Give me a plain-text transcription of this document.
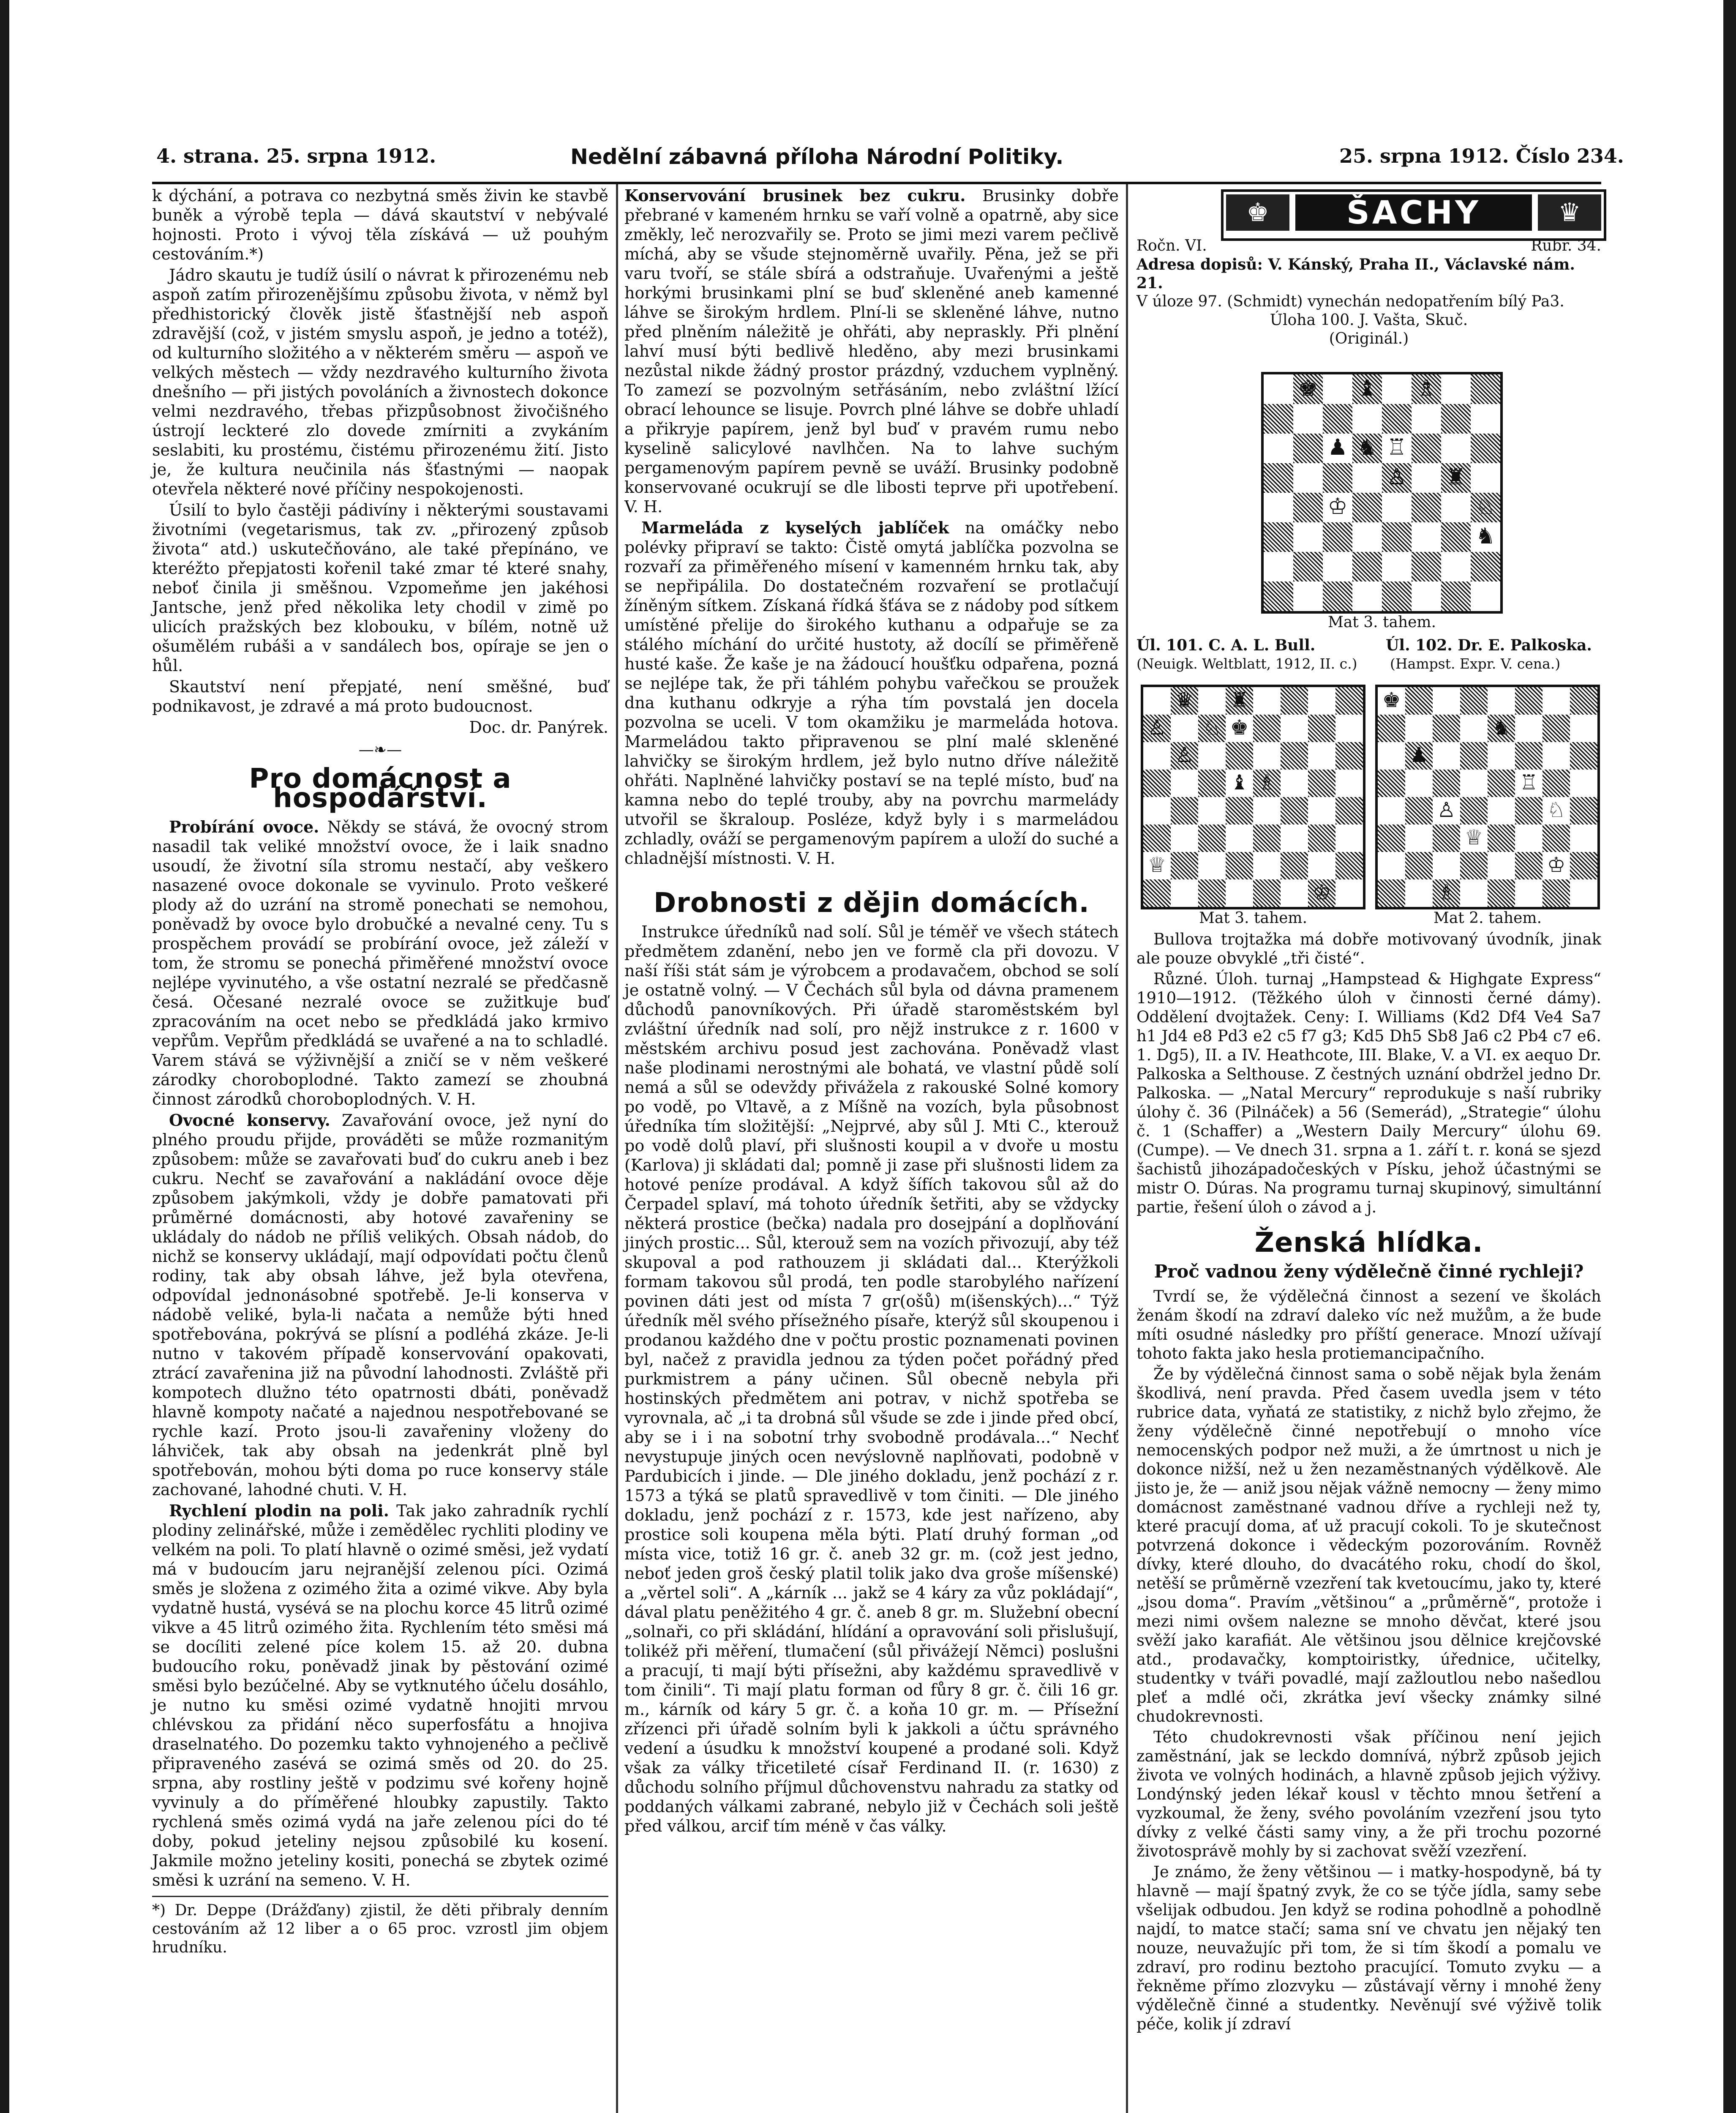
4. strana. 25. srpna 1912.	Nedělní zábavná příloha Národní Politiky.	25. srpna 1912. Číslo 234.

k dýchání, a potrava co nezbytná směs živin ke stavbě buněk a výrobě tepla — dává skautství v nebývalé hojnosti. Proto i vývoj těla získává — už pouhým cestováním.*)

Jádro skautu je tudíž úsilí o návrat k přirozenému neb aspoň zatím přirozenějšímu způsobu života, v němž byl předhistorický člověk jistě šťastnější neb aspoň zdravější (což, v jistém smyslu aspoň, je jedno a totéž), od kulturního složitého a v některém směru — aspoň ve velkých městech — vždy nezdravého kulturního života dnešního — při jistých povoláních a živnostech dokonce velmi nezdravého, třebas přizpůsobnost živočišného ústrojí leckteré zlo dovede zmírniti a zvykáním seslabiti, ku prostému, čistému přirozenému žití. Jisto je, že kultura neučinila nás šťastnými — naopak otevřela některé nové příčiny nespokojenosti.

Úsilí to bylo častěji pádivíny i některými soustavami životními (vegetarismus, tak zv. „přirozený způsob života“ atd.) uskutečňováno, ale také přepínáno, ve kteréžto přepjatosti kořenil také zmar té které snahy, neboť činila ji směšnou. Vzpomeňme jen jakéhosi Jantsche, jenž před několika lety chodil v zimě po ulicích pražských bez klobouku, v bílém, notně už ošumělém rubáši a v sandálech bos, opíraje se jen o hůl.

Skautství není přepjaté, není směšné, buď podnikavost, je zdravé a má proto budoucnost.

Doc. dr. Panýrek.
—❧—
Pro domácnost a hospodářství.

Probírání ovoce. Někdy se stává, že ovocný strom nasadil tak veliké množství ovoce, že i laik snadno usoudí, že životní síla stromu nestačí, aby veškero nasazené ovoce dokonale se vyvinulo. Proto veškeré plody až do uzrání na stromě ponechati se nemohou, poněvadž by ovoce bylo drobučké a nevalné ceny. Tu s prospěchem provádí se probírání ovoce, jež záleží v tom, že stromu se ponechá přiměřené množství ovoce nejlépe vyvinutého, a vše ostatní nezralé se předčasně česá. Očesané nezralé ovoce se zužitkuje buď zpracováním na ocet nebo se předkládá jako krmivo vepřům. Vepřům předkládá se uvařené a na to schladlé. Varem stává se výživnější a zničí se v něm veškeré zárodky choroboplodné. Takto zamezí se zhoubná činnost zárodků choroboplodných. V. H.

Ovocné konservy. Zavařování ovoce, jež nyní do plného proudu přijde, prováděti se může rozmanitým způsobem: může se zavařovati buď do cukru aneb i bez cukru. Nechť se zavařování a nakládání ovoce děje způsobem jakýmkoli, vždy je dobře pamatovati při průměrné domácnosti, aby hotové zavařeniny se ukládaly do nádob ne příliš velikých. Obsah nádob, do nichž se konservy ukládají, mají odpovídati počtu členů rodiny, tak aby obsah láhve, jež byla otevřena, odpovídal jednonásobné spotřebě. Je-li konserva v nádobě veliké, byla-li načata a nemůže býti hned spotřebována, pokrývá se plísní a podléhá zkáze. Je-li nutno v takovém případě konservování opakovati, ztrácí zavařenina již na původní lahodnosti. Zvláště při kompotech dlužno této opatrnosti dbáti, poněvadž hlavně kompoty načaté a najednou nespotřebované se rychle kazí. Proto jsou-li zavařeniny vloženy do láhviček, tak aby obsah na jedenkrát plně byl spotřebován, mohou býti doma po ruce konservy stále zachované, lahodné chuti. V. H.

Rychlení plodin na poli. Tak jako zahradník rychlí plodiny zelinářské, může i zemědělec rychliti plodiny ve velkém na poli. To platí hlavně o ozimé směsi, jež vydatí má v budoucím jaru nejranější zelenou píci. Ozimá směs je složena z ozimého žita a ozimé vikve. Aby byla vydatně hustá, vysévá se na plochu korce 45 litrů ozimé vikve a 45 litrů ozimého žita. Rychlením této směsi má se docíliti zelené píce kolem 15. až 20. dubna budoucího roku, poněvadž jinak by pěstování ozimé směsi bylo bezúčelné. Aby se vytknutého účelu dosáhlo, je nutno ku směsi ozimé vydatně hnojiti mrvou chlévskou za přidání něco superfosfátu a hnojiva draselnatého. Do pozemku takto vyhnojeného a pečlivě připraveného zasévá se ozimá směs od 20. do 25. srpna, aby rostliny ještě v podzimu své kořeny hojně vyvinuly a do příměřené hloubky zapustily. Takto rychlená směs ozimá vydá na jaře zelenou píci do té doby, pokud jeteliny nejsou způsobilé ku kosení. Jakmile možno jeteliny kositi, ponechá se zbytek ozimé směsi k uzrání na semeno. V. H.

*) Dr. Deppe (Drážďany) zjistil, že děti přibraly denním cestováním až 12 liber a o 65 proc. vzrostl jim objem hrudníku.

Konservování brusinek bez cukru. Brusinky dobře přebrané v kameném hrnku se vaří volně a opatrně, aby sice změkly, leč nerozvařily se. Proto se jimi mezi varem pečlivě míchá, aby se všude stejnoměrně uvařily. Pěna, jež se při varu tvoří, se stále sbírá a odstraňuje. Uvařenými a ještě horkými brusinkami plní se buď skleněné aneb kamenné láhve se širokým hrdlem. Plní-li se skleněné láhve, nutno před plněním náležitě je ohřáti, aby nepraskly. Při plnění lahví musí býti bedlivě hleděno, aby mezi brusinkami nezůstal nikde žádný prostor prázdný, vzduchem vyplněný. To zamezí se pozvolným setřásáním, nebo zvláštní lžící obrací lehounce se lisuje. Povrch plné láhve se dobře uhladí a přikryje papírem, jenž byl buď v pravém rumu nebo kyselině salicylové navlhčen. Na to lahve suchým pergamenovým papírem pevně se uváží. Brusinky podobně konservované ocukrují se dle libosti teprve při upotřebení. V. H.

Marmeláda z kyselých jablíček na omáčky nebo polévky připraví se takto: Čistě omytá jablíčka pozvolna se rozvaří za přiměřeného mísení v kamenném hrnku tak, aby se nepřipálila. Do dostatečném rozvaření se protlačují žíněným sítkem. Získaná řídká šťáva se z nádoby pod sítkem umístěné přelije do širokého kuthanu a odpařuje se za stálého míchání do určité hustoty, až docílí se přiměřeně husté kaše. Že kaše je na žádoucí houšťku odpařena, pozná se nejlépe tak, že při táhlém pohybu vařečkou se proužek dna kuthanu odkryje a rýha tím povstalá jen docela pozvolna se uceli. V tom okamžiku je marmeláda hotova. Marmeládou takto připravenou se plní malé skleněné lahvičky se širokým hrdlem, jež bylo nutno dříve náležitě ohřáti. Naplněné lahvičky postaví se na teplé místo, buď na kamna nebo do teplé trouby, aby na povrchu marmelády utvořil se škraloup. Posléze, když byly i s marmeládou zchladly, ováží se pergamenovým papírem a uloží do suché a chladnější místnosti. V. H.

Drobnosti z dějin domácích.

Instrukce úředníků nad solí. Sůl je téměř ve všech státech předmětem zdanění, nebo jen ve formě cla při dovozu. V naší říši stát sám je výrobcem a prodavačem, obchod se solí je ostatně volný. — V Čechách sůl byla od dávna pramenem důchodů panovníkových. Při úřadě staroměstském byl zvláštní úředník nad solí, pro nějž instrukce z r. 1600 v městském archivu posud jest zachována. Poněvadž vlast naše plodinami nerostnými ale bohatá, ve vlastní půdě solí nemá a sůl se odevždy přivážela z rakouské Solné komory po vodě, po Vltavě, a z Míšně na vozích, byla působnost úředníka tím složitější: „Nejprvé, aby sůl J. Mti C., kterouž po vodě dolů plaví, při slušnosti koupil a v dvoře u mostu (Karlova) ji skládati dal; pomně ji zase při slušnosti lidem za hotové peníze prodával. A když šífích takovou sůl až do Čerpadel splaví, má tohoto úředník šetřiti, aby se vždycky některá prostice (bečka) nadala pro dosejpání a doplňování jiných prostic... Sůl, kterouž sem na vozích přivozují, aby též skupoval a pod rathouzem ji skládati dal... Kterýžkoli formam takovou sůl prodá, ten podle starobylého nařízení povinen dáti jest od místa 7 gr(ošů) m(išenských)...“ Týž úředník měl svého přísežného písaře, kterýž sůl skoupenou i prodanou každého dne v počtu prostic poznamenati povinen byl, načež z pravidla jednou za týden počet pořádný před purkmistrem a pány učinen. Sůl obecně nebyla při hostinských předmětem ani potrav, v nichž spotřeba se vyrovnala, ač „i ta drobná sůl všude se zde i jinde před obcí, aby se i i na sobotní trhy svobodně prodávala...“ Nechť nevystupuje jiných ocen nevýslovně naplňovati, podobně v Pardubicích i jinde. — Dle jiného dokladu, jenž pochází z r. 1573 a týká se platů spravedlivě v tom činiti. — Dle jiného dokladu, jenž pochází z r. 1573, kde jest nařízeno, aby prostice soli koupena měla býti. Platí druhý forman „od místa vice, totiž 16 gr. č. aneb 32 gr. m. (což jest jedno, neboť jeden groš český platil tolik jako dva groše míšenské) a „věrtel soli“. A „kárník ... jakž se 4 káry za vůz pokládají“, dával platu peněžitého 4 gr. č. aneb 8 gr. m. Služební obecní „solnaři, co při skládání, hlídání a opravování soli přislušují, tolikéž při měření, tlumačení (sůl přivážejí Němci) poslušni a pracují, ti mají býti přísežni, aby každému spravedlivě v tom činili“. Ti mají platu forman od fůry 8 gr. č. čili 16 gr. m., kárník od káry 5 gr. č. a koňa 10 gr. m. — Přísežní zřízenci při úřadě solním byli k jakkoli a účtu správného vedení a úsudku k množství koupené a prodané soli. Když však za války třicetileté císař Ferdinand II. (r. 1630) z důchodu solního příjmul důchovenstvu nahradu za statky od poddaných válkami zabrané, nebylo již v Čechách soli ještě před válkou, arcif tím méně v čas války.

♚	ŠACHY	♛
Ročn. VI.	Rubr. 34.
Adresa dopisů: V. Kánský, Praha II., Václavské nám. 21.
V úloze 97. (Schmidt) vynechán nedopatřením bílý Pa3.
Úloha 100. J. Vašta, Skuč.
(Originál.)
♚ ♝ ♗
♟ ♞ ♖
♙ ♜
♔	♘
♞
Mat 3. tahem.
Úl. 101. C. A. L. Bull.	Úl. 102. Dr. E. Palkoska.
(Neuigk. Weltblatt, 1912, II. c.) (Hampst. Expr. V. cena.)
♛ ♜
♙ ♘ ♚
♙
♝ ♗
♕
♔
♚
♞
♟
♖
♙	♘
♕
♔
♗
Mat 3. tahem.	Mat 2. tahem.

Bullova trojtažka má dobře motivovaný úvodník, jinak ale pouze obvyklé „tři čisté“.

Různé. Úloh. turnaj „Hampstead & Highgate Express“ 1910—1912. (Těžkého úloh v činnosti černé dámy). Oddělení dvojtažek. Ceny: I. Williams (Kd2 Df4 Ve4 Sa7 h1 Jd4 e8 Pd3 e2 c5 f7 g3; Kd5 Dh5 Sb8 Ja6 c2 Pb4 c7 e6. 1. Dg5), II. a IV. Heathcote, III. Blake, V. a VI. ex aequo Dr. Palkoska a Selthouse. Z čestných uznání obdržel jedno Dr. Palkoska. — „Natal Mercury“ reprodukuje s naší rubriky úlohy č. 36 (Pilnáček) a 56 (Semerád), „Strategie“ úlohu č. 1 (Schaffer) a „Western Daily Mercury“ úlohu 69. (Cumpe). — Ve dnech 31. srpna a 1. září t. r. koná se sjezd šachistů jihozápadočeských v Písku, jehož účastnými se mistr O. Dúras. Na programu turnaj skupinový, simultánní partie, řešení úloh o závod a j.

Ženská hlídka.
Proč vadnou ženy výdělečně činné rychleji?

Tvrdí se, že výdělečná činnost a sezení ve školách ženám škodí na zdraví daleko víc než mužům, a že bude míti osudné následky pro příští generace. Mnozí užívají tohoto fakta jako hesla protiemancipačního.

Že by výdělečná činnost sama o sobě nějak byla ženám škodlivá, není pravda. Před časem uvedla jsem v této rubrice data, vyňatá ze statistiky, z nichž bylo zřejmo, že ženy výdělečně činné nepotřebují o mnoho více nemocenských podpor než muži, a že úmrtnost u nich je dokonce nižší, než u žen nezaměstnaných výdělkově. Ale jisto je, že — aniž jsou nějak vážně nemocny — ženy mimo domácnost zaměstnané vadnou dříve a rychleji než ty, které pracují doma, ať už pracují cokoli. To je skutečnost potvrzená dokonce i vědeckým pozorováním. Rovněž dívky, které dlouho, do dvacátého roku, chodí do škol, netěší se průměrně vzezření tak kvetoucímu, jako ty, které „jsou doma“. Pravím „většinou“ a „průměrně“, protože i mezi nimi ovšem nalezne se mnoho děvčat, které jsou svěží jako karafiát. Ale většinou jsou dělnice krejčovské atd., prodavačky, komptoiristky, úřednice, učitelky, studentky v tváři povadlé, mají zažloutlou nebo našedlou pleť a mdlé oči, zkrátka jeví všecky známky silné chudokrevnosti.

Této chudokrevnosti však příčinou není jejich zaměstnání, jak se leckdo domnívá, nýbrž způsob jejich života ve volných hodinách, a hlavně způsob jejich výživy. Londýnský jeden lékař kousl v těchto mnou šetření a vyzkoumal, že ženy, svého povoláním vzezření jsou tyto dívky z velké části samy viny, a že při trochu pozorné životosprávě mohly by si zachovat svěží vzezření.

Je známo, že ženy většinou — i matky-hospodyně, bá ty hlavně — mají špatný zvyk, že co se týče jídla, samy sebe všelijak odbudou. Jen když se rodina pohodlně a pohodlně najdí, to matce stačí; sama sní ve chvatu jen nějaký ten nouze, neuvažujíc při tom, že si tím škodí a pomalu ve zdraví, pro rodinu beztoho pracující. Tomuto zvyku — a řekněme přímo zlozvyku — zůstávají věrny i mnohé ženy výdělečně činné a studentky. Nevěnují své výživě tolik péče, kolik jí zdraví
